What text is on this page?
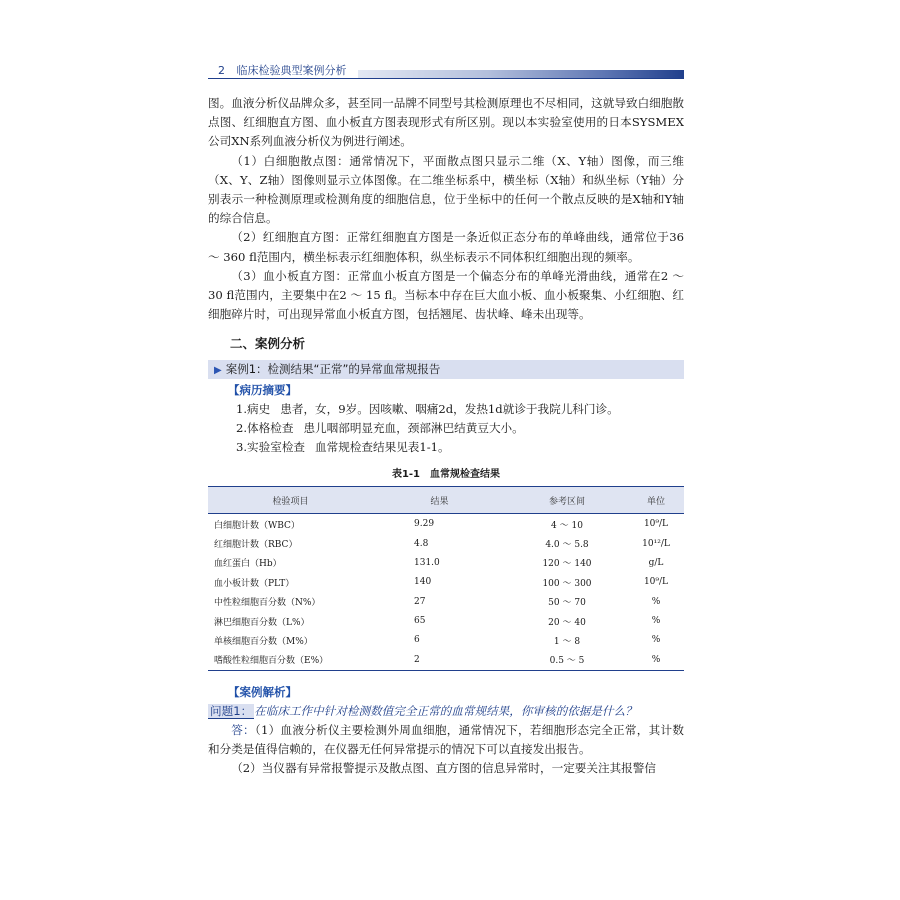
2 临床检验典型案例分析

图。血液分析仪品牌众多，甚至同一品牌不同型号其检测原理也不尽相同，这就导致白细胞散点图、红细胞直方图、血小板直方图表现形式有所区别。现以本实验室使用的日本SYSMEX公司XN系列血液分析仪为例进行阐述。

（1）白细胞散点图：通常情况下，平面散点图只显示二维（X、Y轴）图像，而三维（X、Y、Z轴）图像则显示立体图像。在二维坐标系中，横坐标（X轴）和纵坐标（Y轴）分别表示一种检测原理或检测角度的细胞信息，位于坐标中的任何一个散点反映的是X轴和Y轴的综合信息。

（2）红细胞直方图：正常红细胞直方图是一条近似正态分布的单峰曲线，通常位于36 ～ 360 fl范围内，横坐标表示红细胞体积，纵坐标表示不同体积红细胞出现的频率。

（3）血小板直方图：正常血小板直方图是一个偏态分布的单峰光滑曲线，通常在2 ～ 30 fl范围内，主要集中在2 ～ 15 fl。当标本中存在巨大血小板、血小板聚集、小红细胞、红细胞碎片时，可出现异常血小板直方图，包括翘尾、齿状峰、峰未出现等。

二、案例分析
▶ 案例1：检测结果“正常”的异常血常规报告
【病历摘要】

1.病史 患者，女，9岁。因咳嗽、咽痛2d，发热1d就诊于我院儿科门诊。

2.体格检查 患儿咽部明显充血，颈部淋巴结黄豆大小。

3.实验室检查 血常规检查结果见表1-1。

表1-1　血常规检查结果
检验项目	结果	参考区间	单位
白细胞计数（WBC）	9.29	4 ～ 10	10⁹/L
红细胞计数（RBC）	4.8	4.0 ～ 5.8	10¹²/L
血红蛋白（Hb）	131.0	120 ～ 140	g/L
血小板计数（PLT）	140	100 ～ 300	10⁹/L
中性粒细胞百分数（N%）	27	50 ～ 70	%
淋巴细胞百分数（L%）	65	20 ～ 40	%
单核细胞百分数（M%）	6	1 ～ 8	%
嗜酸性粒细胞百分数（E%）	2	0.5 ～ 5	%
【案例解析】

问题1： 在临床工作中针对检测数值完全正常的血常规结果，你审核的依据是什么？

答：（1）血液分析仪主要检测外周血细胞，通常情况下，若细胞形态完全正常，其计数和分类是值得信赖的，在仪器无任何异常提示的情况下可以直接发出报告。

（2）当仪器有异常报警提示及散点图、直方图的信息异常时，一定要关注其报警信
